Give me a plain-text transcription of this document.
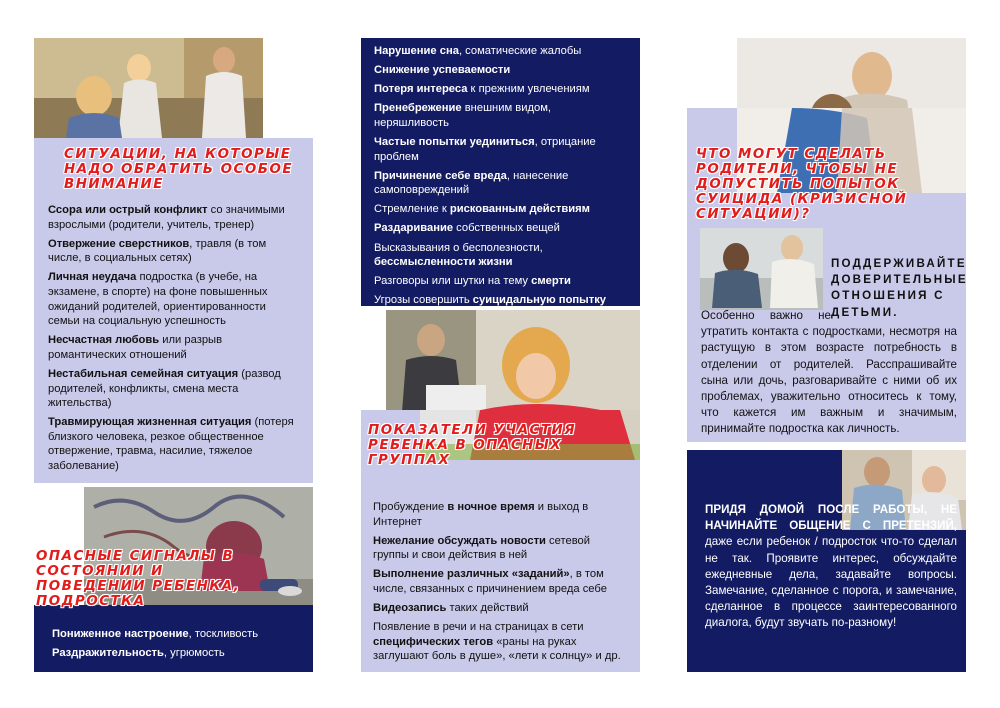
СИТУАЦИИ, НА КОТОРЫЕ НАДО ОБРАТИТЬ ОСОБОЕ ВНИМАНИЕ
Ссора или острый конфликт со значимыми взрослыми (родители, учитель, тренер)
Отвержение сверстников, травля (в том числе, в социальных сетях)
Личная неудача подростка (в учебе, на экзамене, в спорте) на фоне повышенных ожиданий родителей, ориентированности семьи на социальную успешность
Несчастная любовь или разрыв романтических отношений
Нестабильная семейная ситуация (развод родителей, конфликты, смена места жительства)
Травмирующая жизненная ситуация (потеря близкого человека, резкое общественное отвержение, травма, насилие, тяжелое заболевание)
ОПАСНЫЕ СИГНАЛЫ В СОСТОЯНИИ И ПОВЕДЕНИИ РЕБЕНКА, ПОДРОСТКА
Пониженное настроение, тоскливость
Раздражительность, угрюмость
Нарушение сна, соматические жалобы
Снижение успеваемости
Потеря интереса к прежним увлечениям
Пренебрежение внешним видом, неряшливость
Частые попытки уединиться, отрицание проблем
Причинение себе вреда, нанесение самоповреждений
Стремление к рискованным действиям
Раздаривание собственных вещей
Высказывания о бесполезности, бессмысленности жизни
Разговоры или шутки на тему смерти
Угрозы совершить суицидальную попытку
ПОКАЗАТЕЛИ УЧАСТИЯ РЕБЕНКА В ОПАСНЫХ ГРУППАХ
Пробуждение в ночное время и выход в Интернет
Нежелание обсуждать новости сетевой группы и свои действия в ней
Выполнение различных «заданий», в том числе, связанных с причинением вреда себе
Видеозапись таких действий
Появление в речи и на страницах в сети специфических тегов «раны на руках заглушают боль в душе», «лети к солнцу» и др.
ЧТО МОГУТ СДЕЛАТЬ РОДИТЕЛИ, ЧТОБЫ НЕ ДОПУСТИТЬ ПОПЫТОК СУИЦИДА (КРИЗИСНОЙ СИТУАЦИИ)?
ПОДДЕРЖИВАЙТЕ ДОВЕРИТЕЛЬНЫЕ ОТНОШЕНИЯ С ДЕТЬМИ.
Особенно важно не утратить контакта с подростками, несмотря на растущую в этом возрасте потребность в отделении от родителей. Расспрашивайте сына или дочь, разговаривайте с ними об их проблемах, уважительно относитесь к тому, что кажется им важным и значимым, принимайте подростка как личность.
ПРИДЯ ДОМОЙ ПОСЛЕ РАБОТЫ, НЕ НАЧИНАЙТЕ ОБЩЕНИЕ С ПРЕТЕНЗИЙ, даже если ребенок / подросток что-то сделал не так. Проявите интерес, обсуждайте ежедневные дела, задавайте вопросы. Замечание, сделанное с порога, и замечание, сделанное в процессе заинтересованного диалога, будут звучать по-разному!
